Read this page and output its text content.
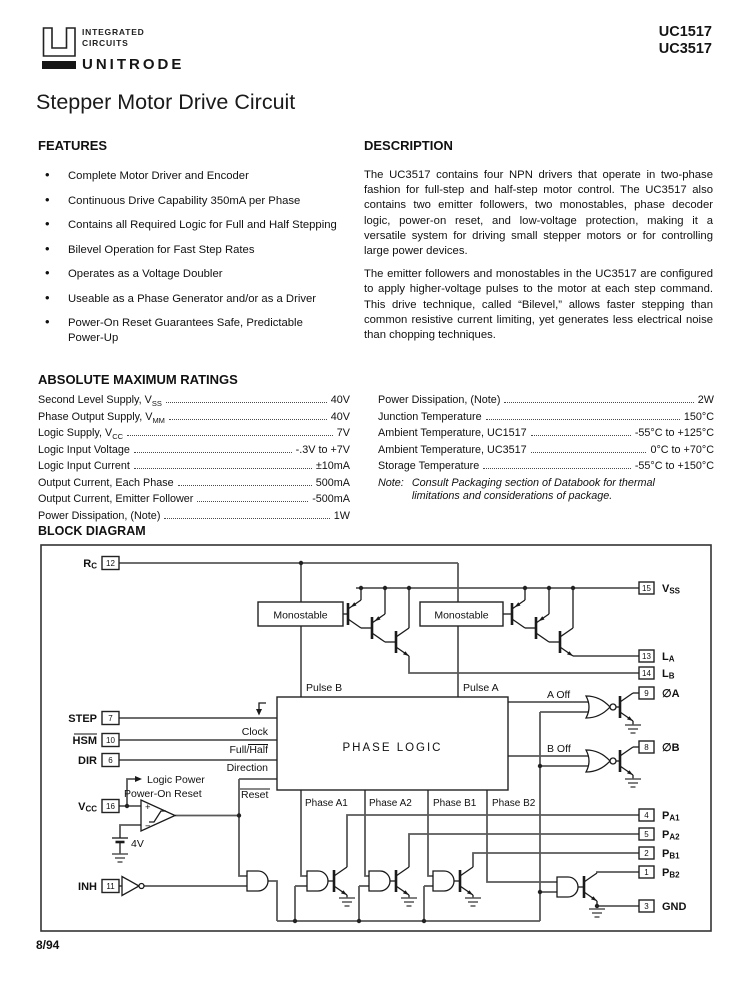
INTEGRATED
CIRCUITS
UNITRODE
UC1517
UC3517
Stepper Motor Drive Circuit
FEATURES
• Complete Motor Driver and Encoder
• Continuous Drive Capability 350mA per Phase
• Contains all Required Logic for Full and Half Stepping
• Bilevel Operation for Fast Step Rates
• Operates as a Voltage Doubler
• Useable as a Phase Generator and/or as a Driver
• Power-On Reset Guarantees Safe, Predictable Power-Up
DESCRIPTION

The UC3517 contains four NPN drivers that operate in two-phase fashion for full-step and half-step motor control. The UC3517 also contains two emitter followers, two monostables, phase decoder logic, power-on reset, and low-voltage protection, making it a versatile system for driving small stepper motors or for controlling large power devices.

The emitter followers and monostables in the UC3517 are configured to apply higher-voltage pulses to the motor at each step command. This drive technique, called “Bilevel,” allows faster stepping than common resistive current limiting, yet generates less electrical noise than chopping techniques.

ABSOLUTE MAXIMUM RATINGS
Second Level Supply, $V_{SS}$	40V
Phase Output Supply, $V_{MM}$	40V
Logic Supply, $V_{CC}$	7V
Logic Input Voltage	-.3V to +7V
Logic Input Current	±10mA
Output Current, Each Phase	500mA
Output Current, Emitter Follower	-500mA
Power Dissipation, (Note)	1W
Power Dissipation, (Note)	2W
Junction Temperature	150°C
Ambient Temperature, UC1517	-55°C to +125°C
Ambient Temperature, UC3517	0°C to +70°C
Storage Temperature	-55°C to +150°C
Note: Consult Packaging section of Databook for thermal
limitations and considerations of package.
BLOCK DIAGRAM
Monostable	Monostable
PHASE LOGIC
+
−
Pulse B	Pulse A
Clock
Full/Half
Direction
Reset
Logic Power
Power-On Reset
4V
A Off
B Off
Phase A1 Phase A2 Phase B1 Phase B2
12
RC
7
STEP
10
HSM
6
DIR
16
VCC
11
INH
15 VSS
13 LA
14 LB
9 ∅A
8 ∅B
4 PA1
5 PA2
2 PB1
1 PB2
3 GND
8/94
